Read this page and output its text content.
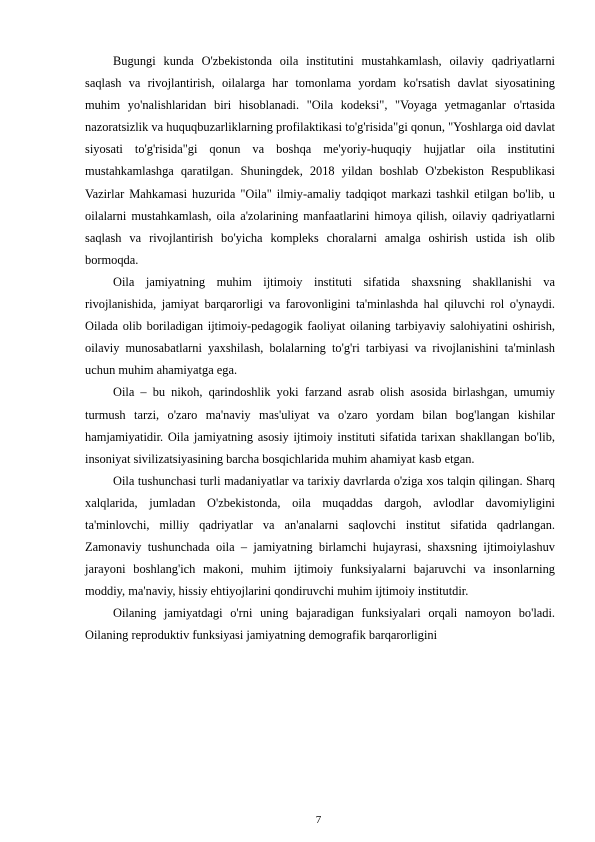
Bugungi kunda O'zbekistonda oila institutini mustahkamlash, oilaviy qadriyatlarni saqlash va rivojlantirish, oilalarga har tomonlama yordam ko'rsatish davlat siyosatining muhim yo'nalishlaridan biri hisoblanadi. "Oila kodeksi", "Voyaga yetmaganlar o'rtasida nazoratsizlik va huquqbuzarliklarning profilaktikasi to'g'risida"gi qonun, "Yoshlarga oid davlat siyosati to'g'risida"gi qonun va boshqa me'yoriy-huquqiy hujjatlar oila institutini mustahkamlashga qaratilgan. Shuningdek, 2018 yildan boshlab O'zbekiston Respublikasi Vazirlar Mahkamasi huzurida "Oila" ilmiy-amaliy tadqiqot markazi tashkil etilgan bo'lib, u oilalarni mustahkamlash, oila a'zolarining manfaatlarini himoya qilish, oilaviy qadriyatlarni saqlash va rivojlantirish bo'yicha kompleks choralarni amalga oshirish ustida ish olib bormoqda.

Oila jamiyatning muhim ijtimoiy instituti sifatida shaxsning shakllanishi va rivojlanishida, jamiyat barqarorligi va farovonligini ta'minlashda hal qiluvchi rol o'ynaydi. Oilada olib boriladigan ijtimoiy-pedagogik faoliyat oilaning tarbiyaviy salohiyatini oshirish, oilaviy munosabatlarni yaxshilash, bolalarning to'g'ri tarbiyasi va rivojlanishini ta'minlash uchun muhim ahamiyatga ega.

Oila – bu nikoh, qarindoshlik yoki farzand asrab olish asosida birlashgan, umumiy turmush tarzi, o'zaro ma'naviy mas'uliyat va o'zaro yordam bilan bog'langan kishilar hamjamiyatidir. Oila jamiyatning asosiy ijtimoiy instituti sifatida tarixan shakllangan bo'lib, insoniyat sivilizatsiyasining barcha bosqichlarida muhim ahamiyat kasb etgan.

Oila tushunchasi turli madaniyatlar va tarixiy davrlarda o'ziga xos talqin qilingan. Sharq xalqlarida, jumladan O'zbekistonda, oila muqaddas dargoh, avlodlar davomiyligini ta'minlovchi, milliy qadriyatlar va an'analarni saqlovchi institut sifatida qadrlangan. Zamonaviy tushunchada oila – jamiyatning birlamchi hujayrasi, shaxsning ijtimoiylashuv jarayoni boshlang'ich makoni, muhim ijtimoiy funksiyalarni bajaruvchi va insonlarning moddiy, ma'naviy, hissiy ehtiyojlarini qondiruvchi muhim ijtimoiy institutdir.

Oilaning jamiyatdagi o'rni uning bajaradigan funksiyalari orqali namoyon bo'ladi. Oilaning reproduktiv funksiyasi jamiyatning demografik barqarorligini

7
